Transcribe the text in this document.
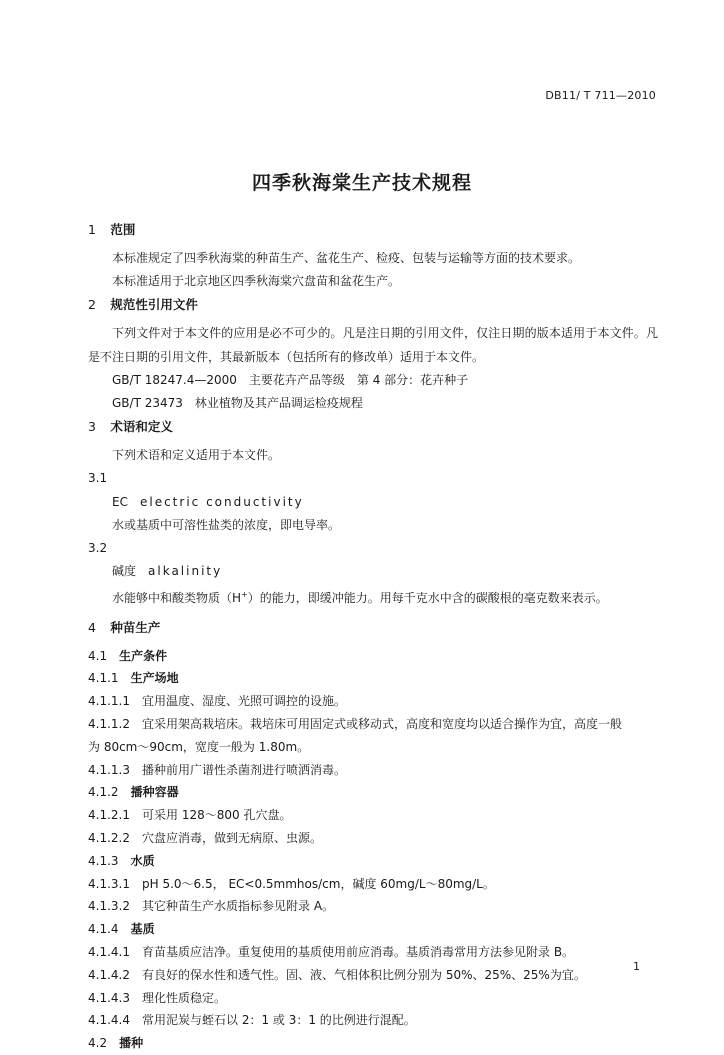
DB11/ T 711—2010
四季秋海棠生产技术规程
1 范围
本标准规定了四季秋海棠的种苗生产、盆花生产、检疫、包装与运输等方面的技术要求。
本标准适用于北京地区四季秋海棠穴盘苗和盆花生产。
2 规范性引用文件
下列文件对于本文件的应用是必不可少的。凡是注日期的引用文件，仅注日期的版本适用于本文件。凡是不注日期的引用文件，其最新版本（包括所有的修改单）适用于本文件。
GB/T 18247.4—2000　主要花卉产品等级　第 4 部分：花卉种子
GB/T 23473　林业植物及其产品调运检疫规程
3 术语和定义
下列术语和定义适用于本文件。
3.1
EC　 electric conductivity
水或基质中可溶性盐类的浓度，即电导率。
3.2
碱度　 alkalinity
水能够中和酸类物质（H+）的能力，即缓冲能力。用每千克水中含的碳酸根的毫克数来表示。
4 种苗生产
4.1　 生产条件
4.1.1　 生产场地
4.1.1.1　 宜用温度、湿度、光照可调控的设施。
4.1.1.2　 宜采用架高栽培床。栽培床可用固定式或移动式，高度和宽度均以适合操作为宜，高度一般
为 80cm～90cm，宽度一般为 1.80m。
4.1.1.3　 播种前用广谱性杀菌剂进行喷洒消毒。
4.1.2　 播种容器
4.1.2.1　 可采用 128～800 孔穴盘。
4.1.2.2　 穴盘应消毒，做到无病原、虫源。
4.1.3　 水质
4.1.3.1　 pH 5.0～6.5， EC<0.5mmhos/cm，碱度 60mg/L～80mg/L。
4.1.3.2　 其它种苗生产水质指标参见附录 A。
4.1.4　 基质
4.1.4.1　 育苗基质应洁净。重复使用的基质使用前应消毒。基质消毒常用方法参见附录 B。
4.1.4.2　 有良好的保水性和透气性。固、液、气相体积比例分别为 50%、25%、25%为宜。
4.1.4.3　 理化性质稳定。
4.1.4.4　 常用泥炭与蛭石以 2：1 或 3：1 的比例进行混配。
4.2　 播种
1
